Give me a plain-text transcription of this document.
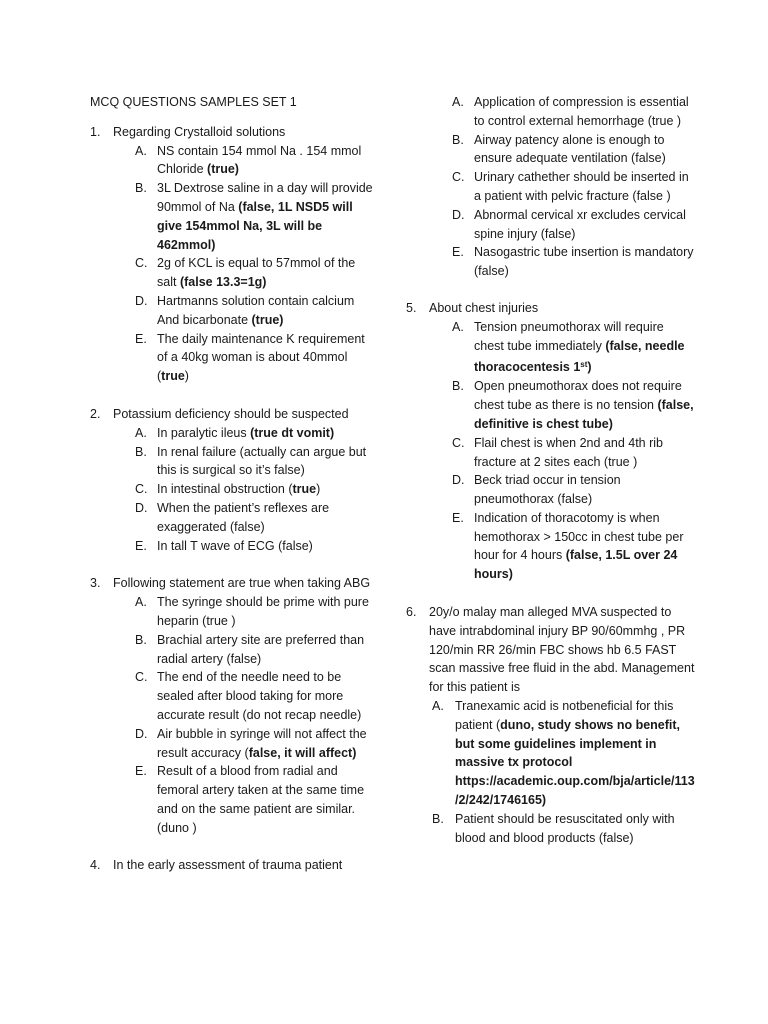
MCQ QUESTIONS SAMPLES SET 1
1.	Regarding Crystalloid solutions
A. NS contain 154 mmol Na . 154 mmol Chloride (true)
B. 3L Dextrose saline in a day will provide 90mmol of Na (false, 1L NSD5 will give 154mmol Na, 3L will be 462mmol)
C. 2g of KCL is equal to 57mmol of the salt (false 13.3=1g)
D. Hartmanns solution contain calcium And bicarbonate (true)
E. The daily maintenance K requirement of a 40kg woman is about 40mmol (true)
2.	Potassium deficiency should be suspected
A. In paralytic ileus (true dt vomit)
B. In renal failure (actually can argue but this is surgical so it’s false)
C. In intestinal obstruction (true)
D. When the patient’s reflexes are exaggerated (false)
E. In tall T wave of ECG (false)
3.	Following statement are true when taking ABG
A. The syringe should be prime with pure heparin (true )
B. Brachial artery site are preferred than radial artery (false)
C. The end of the needle need to be sealed after blood taking for more accurate result (do not recap needle)
D. Air bubble in syringe will not affect the result accuracy (false, it will affect)
E. Result of a blood from radial and femoral artery taken at the same time and on the same patient are similar. (duno )
4.	In the early assessment of trauma patient
A. Application of compression is essential to control external hemorrhage (true )
B. Airway patency alone is enough to ensure adequate ventilation (false)
C. Urinary cathether should be inserted in a patient with pelvic fracture (false )
D. Abnormal cervical xr excludes cervical spine injury (false)
E. Nasogastric tube insertion is mandatory (false)
5.	About chest injuries
A. Tension pneumothorax will require chest tube immediately (false, needle thoracocentesis 1st)
B. Open pneumothorax does not require chest tube as there is no tension (false, definitive is chest tube)
C. Flail chest is when 2nd and 4th rib fracture at 2 sites each (true )
D. Beck triad occur in tension pneumothorax (false)
E. Indication of thoracotomy is when hemothorax > 150cc in chest tube per hour for 4 hours (false, 1.5L over 24 hours)
6.	20y/o malay man alleged MVA suspected to have intrabdominal injury BP 90/60mmhg , PR 120/min RR 26/min FBC shows hb 6.5 FAST scan massive free fluid in the abd. Management for this patient is
A. Tranexamic acid is notbeneficial for this patient (duno, study shows no benefit, but some guidelines implement in massive tx protocol https://academic.oup.com/bja/article/113/2/242/1746165)
B. Patient should be resuscitated only with blood and blood products (false)
